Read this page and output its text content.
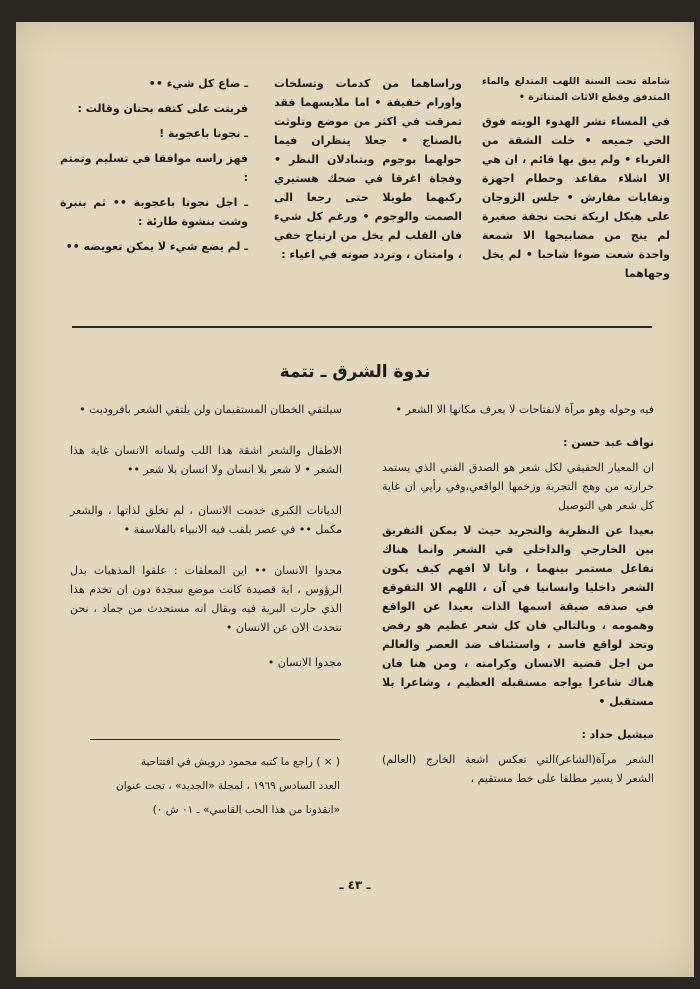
شاملة تحت السنة اللهب المتدلع والماء المتدفق وقطع الاثاث المتناثرة •

في المساء نشر الهدوء الويته فوق الحي جميعه • خلت الشقة من الغرباء • ولم يبق بها قائم ، ان هي الا اشلاء مقاعد وحطام اجهزة ونفايات مفارش • جلس الزوجان على هيكل اريكة تحت نجفة صغيرة لم ينج من مصابيحها الا شمعة واحدة شعت ضوءا شاحبا • لم يخل وجهاهما

وراساهما من كدمات وتسلخات واورام خفيفة • اما ملابسهما فقد تمزقت في اكثر من موضع وتلوثت بالصناج • جعلا ينظران فيما حولهما بوجوم ويتبادلان النظر • وفجاة اغرقا في ضحك هستيري ركبهما طويلا حتى رجعا الى الصمت والوجوم • ورغم كل شيء فان القلب لم يخل من ارتياح خفي ، وامتنان ، وتردد صوته في اعياء :

ـ ضاع كل شيء ••

فربتت على كتفه بحنان وقالت :

ـ نجونا باعجوبة !

فهز راسه موافقا في تسليم وتمتم :

ـ اجل نجونا باعجوبة •• ثم بنبرة وشت بنشوة طارئة :

ـ لم يضع شيء لا يمكن تعويضه ••

ندوة الشرق ـ تتمة

فيه وحوله وهو مرآة لانفتاحات لا يعرف مكانها الا الشعر •

نواف عبد حسن :

ان المعيار الحقيقي لكل شعر هو الصدق الفني الذي يستمد حرارته من وهج التجربة وزخمها الواقعي،وفي رأيي ان غاية كل شعر هي التوصيل

بعيدا عن النظرية والتجريد حيث لا يمكن التفريق بين الخارجي والداخلي في الشعر وانما هناك تفاعل مستمر بينهما ، وانا لا افهم كيف يكون الشعر داخليا وانسانيا في آن ، اللهم الا التقوقع في صدفه ضيقة اسمها الذات بعيدا عن الواقع وهمومه ، وبالتالي فان كل شعر عظيم هو رفض وتحد لواقع فاسد ، واستئناف ضد العصر والعالم من اجل قضية الانسان وكرامته ، ومن هنا فان هناك شاعرا يواجه مستقبله العظيم ، وشاعرا بلا مستقبل •

ميشيل حداد :

الشعر مرآة(الشاعر)التي تعكس اشعة الخارج (العالم) الشعر لا يسير مطلقا على خط مستقيم ،

سيلتقي الخطان المستقيمان ولن يلتقي الشعر بافروديت •

الاطفال والشعر اشقة هذا اللب ولسانه الانسان غاية هذا الشعر • لا شعر بلا انسان ولا انسان بلا شعر ••

الديانات الكبرى خدمت الانسان ، لم تخلق لذاتها ، والشعر مكمل •• في عصر يلقب فيه الانبياء بالفلاسفة •

مجدوا الانسان •• اين المعلقات : علقوا المذهبات بدل الرؤوس ، اية قصيدة كانت موضع سجدة دون ان تخدم هذا الذي حارت البرية فيه وبقال انه مستحدث من جماد ، نحن نتحدث الان عن الانسان •

مجدوا الانسان •

( × ) راجع ما كتبه محمود درويش في افتتاحية

العدد السادس ١٩٦٩ ، لمجلة «الجديد» ، تحت عنوان

«انقذونا من هذا الحب القاسي» ـ ٠١ ش ٠)

ـ ٤٣ ـ
